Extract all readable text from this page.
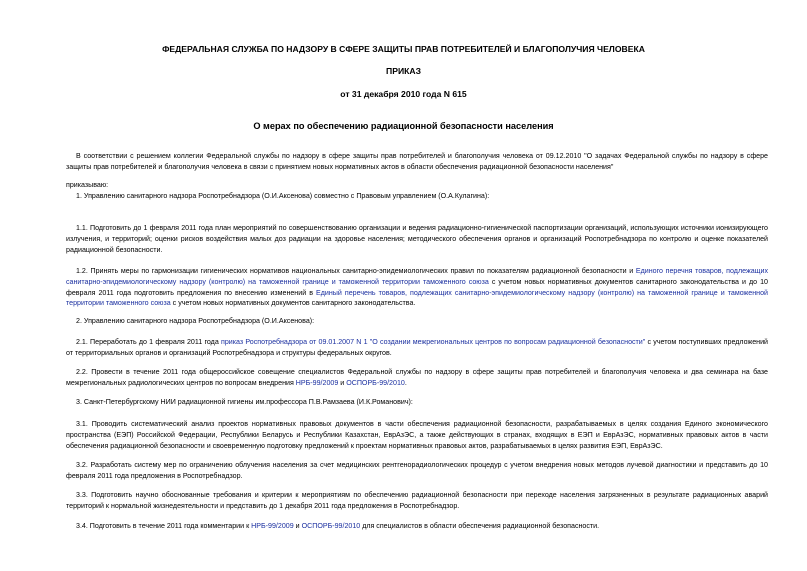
ФЕДЕРАЛЬНАЯ СЛУЖБА ПО НАДЗОРУ В СФЕРЕ ЗАЩИТЫ ПРАВ ПОТРЕБИТЕЛЕЙ И БЛАГОПОЛУЧИЯ ЧЕЛОВЕКА
ПРИКАЗ
от 31 декабря 2010 года N 615
О мерах по обеспечению радиационной безопасности населения
В соответствии с решением коллегии Федеральной службы по надзору в сфере защиты прав потребителей и благополучия человека от 09.12.2010 "О задачах Федеральной службы по надзору в сфере защиты прав потребителей и благополучия человека в связи с принятием новых нормативных актов в области обеспечения радиационной безопасности населения"
приказываю:
1. Управлению санитарного надзора Роспотребнадзора (О.И.Аксенова) совместно с Правовым управлением (О.А.Кулагина):
1.1. Подготовить до 1 февраля 2011 года план мероприятий по совершенствованию организации и ведения радиационно-гигиенической паспортизации организаций, использующих источники ионизирующего излучения, и территорий; оценки рисков воздействия малых доз радиации на здоровье населения; методического обеспечения органов и организаций Роспотребнадзора по контролю и оценке показателей радиационной безопасности.
1.2. Принять меры по гармонизации гигиенических нормативов национальных санитарно-эпидемиологических правил по показателям радиационной безопасности и Единого перечня товаров, подлежащих санитарно-эпидемиологическому надзору (контролю) на таможенной границе и таможенной территории таможенного союза с учетом новых нормативных документов санитарного законодательства и до 10 февраля 2011 года подготовить предложения по внесению изменений в Единый перечень товаров, подлежащих санитарно-эпидемиологическому надзору (контролю) на таможенной границе и таможенной территории таможенного союза с учетом новых нормативных документов санитарного законодательства.
2. Управлению санитарного надзора Роспотребнадзора (О.И.Аксенова):
2.1. Переработать до 1 февраля 2011 года приказ Роспотребнадзора от 09.01.2007 N 1 "О создании межрегиональных центров по вопросам радиационной безопасности" с учетом поступивших предложений от территориальных органов и организаций Роспотребнадзора и структуры федеральных округов.
2.2. Провести в течение 2011 года общероссийское совещение специалистов Федеральной службы по надзору в сфере защиты прав потребителей и благополучия человека и два семинара на базе межрегиональных радиологических центров по вопросам внедрения НРБ-99/2009 и ОСПОРБ-99/2010.
3. Санкт-Петербургскому НИИ радиационной гигиены им.профессора П.В.Рамзаева (И.К.Романович):
3.1. Проводить систематический анализ проектов нормативных правовых документов в части обеспечения радиационной безопасности, разрабатываемых в целях создания Единого экономического пространства (ЕЭП) Российской Федерации, Республики Беларусь и Республики Казахстан, ЕврАзЭС, а также действующих в странах, входящих в ЕЭП и ЕврАзЭС, нормативных правовых актов в части обеспечения радиационной безопасности и своевременную подготовку предложений к проектам нормативных правовых актов, разрабатываемых в целях развития ЕЭП, ЕврАзЭС.
3.2. Разработать систему мер по ограничению облучения населения за счет медицинских рентгенорадиологических процедур с учетом внедрения новых методов лучевой диагностики и представить до 10 февраля 2011 года предложения в Роспотребнадзор.
3.3. Подготовить научно обоснованные требования и критерии к мероприятиям по обеспечению радиационной безопасности при переходе населения загрязненных в результате радиационных аварий территорий к нормальной жизнедеятельности и представить до 1 декабря 2011 года предложения в Роспотребнадзор.
3.4. Подготовить в течение 2011 года комментарии к НРБ-99/2009 и ОСПОРБ-99/2010 для специалистов в области обеспечения радиационной безопасности.
